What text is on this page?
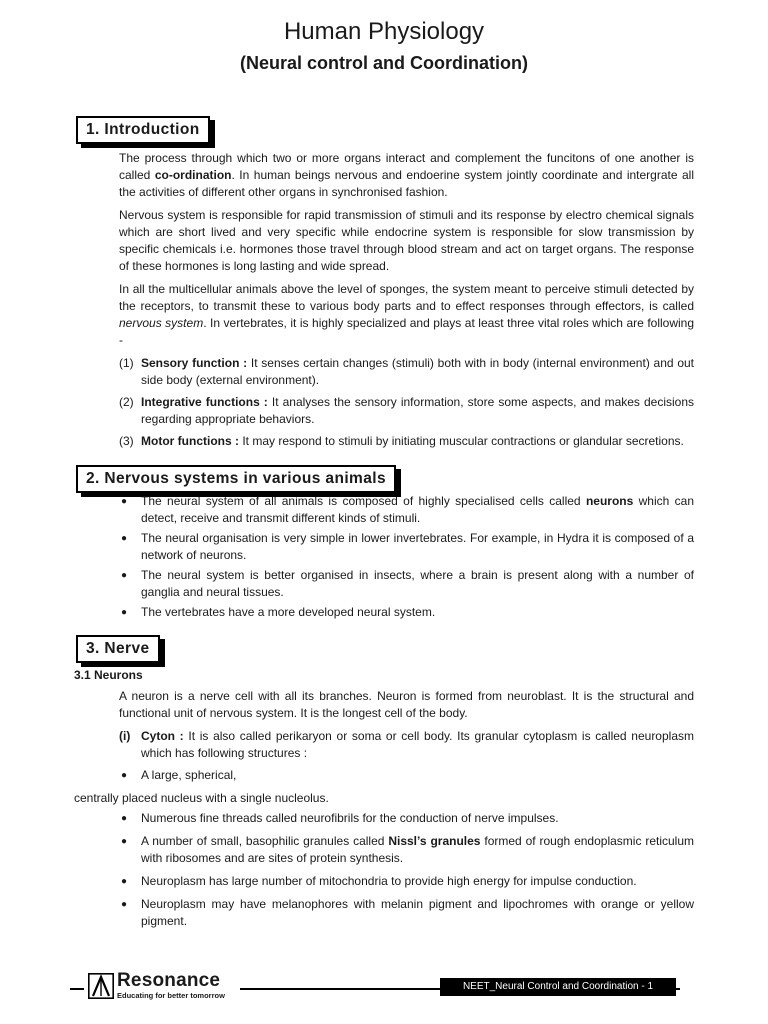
Human Physiology
(Neural control and Coordination)
1. Introduction

The process through which two or more organs interact and complement the funcitons of one another is called co-ordination. In human beings nervous and endoerine system jointly coordinate and intergrate all the activities of different other organs in synchronised fashion.

Nervous system is responsible for rapid transmission of stimuli and its response by electro chemical signals which are short lived and very specific while endocrine system is responsible for slow transmission by specific chemicals i.e. hormones those travel through blood stream and act on target organs. The response of these hormones is long lasting and wide spread.

In all the multicellular animals above the level of sponges, the system meant to perceive stimuli detected by the receptors, to transmit these to various body parts and to effect responses through effectors, is called nervous system. In vertebrates, it is highly specialized and plays at least three vital roles which are following -

(1) Sensory function : It senses certain changes (stimuli) both with in body (internal environment) and out side body (external environment).
(2) Integrative functions : It analyses the sensory information, store some aspects, and makes decisions regarding appropriate behaviors.
(3) Motor functions : It may respond to stimuli by initiating muscular contractions or glandular secretions.
2. Nervous systems in various animals
● The neural system of all animals is composed of highly specialised cells called neurons which can detect, receive and transmit different kinds of stimuli.
● The neural organisation is very simple in lower invertebrates. For example, in Hydra it is composed of a network of neurons.
● The neural system is better organised in insects, where a brain is present along with a number of ganglia and neural tissues.
● The vertebrates have a more developed neural system.
3. Nerve
3.1 Neurons

A neuron is a nerve cell with all its branches. Neuron is formed from neuroblast. It is the structural and functional unit of nervous system. It is the longest cell of the body.

(i) Cyton : It is also called perikaryon or soma or cell body. Its granular cytoplasm is called neuroplasm which has following structures :
● A large, spherical,
centrally placed nucleus with a single nucleolus.
● Numerous fine threads called neurofibrils for the conduction of nerve impulses.
● A number of small, basophilic granules called Nissl’s granules formed of rough endoplasmic reticulum with ribosomes and are sites of protein synthesis.
● Neuroplasm has large number of mitochondria to provide high energy for impulse conduction.
● Neuroplasm may have melanophores with melanin pigment and lipochromes with orange or yellow pigment.
Resonance
Educating for better tomorrow
NEET_Neural Control and Coordination - 1
